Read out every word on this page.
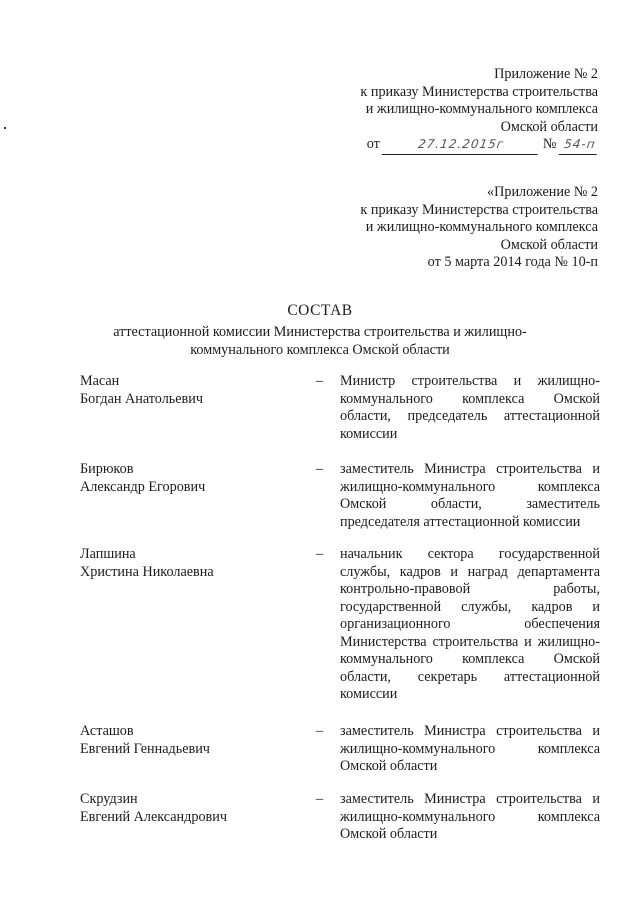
Приложение № 2
к приказу Министерства строительства
и жилищно-коммунального комплекса
Омской области
от	27.12.2015г	№ 54-п
«Приложение № 2
к приказу Министерства строительства
и жилищно-коммунального комплекса
Омской области
от 5 марта 2014 года № 10-п
СОСТАВ
аттестационной комиссии Министерства строительства и жилищно-
коммунального комплекса Омской области
Масан
Богдан Анатольевич
– Министр строительства и жилищно-коммунального комплекса Омской области, председатель аттестационной комиссии
Бирюков
Александр Егорович
– заместитель Министра строительства и жилищно-коммунального комплекса Омской области, заместитель председателя аттестационной комиссии
Лапшина
Христина Николаевна
– начальник сектора государственной службы, кадров и наград департамента контрольно-правовой работы, государственной службы, кадров и организационного обеспечения Министерства строительства и жилищно-коммунального комплекса Омской области, секретарь аттестационной комиссии
Асташов
Евгений Геннадьевич
– заместитель Министра строительства и жилищно-коммунального комплекса Омской области
Скрудзин
Евгений Александрович
– заместитель Министра строительства и жилищно-коммунального комплекса Омской области
